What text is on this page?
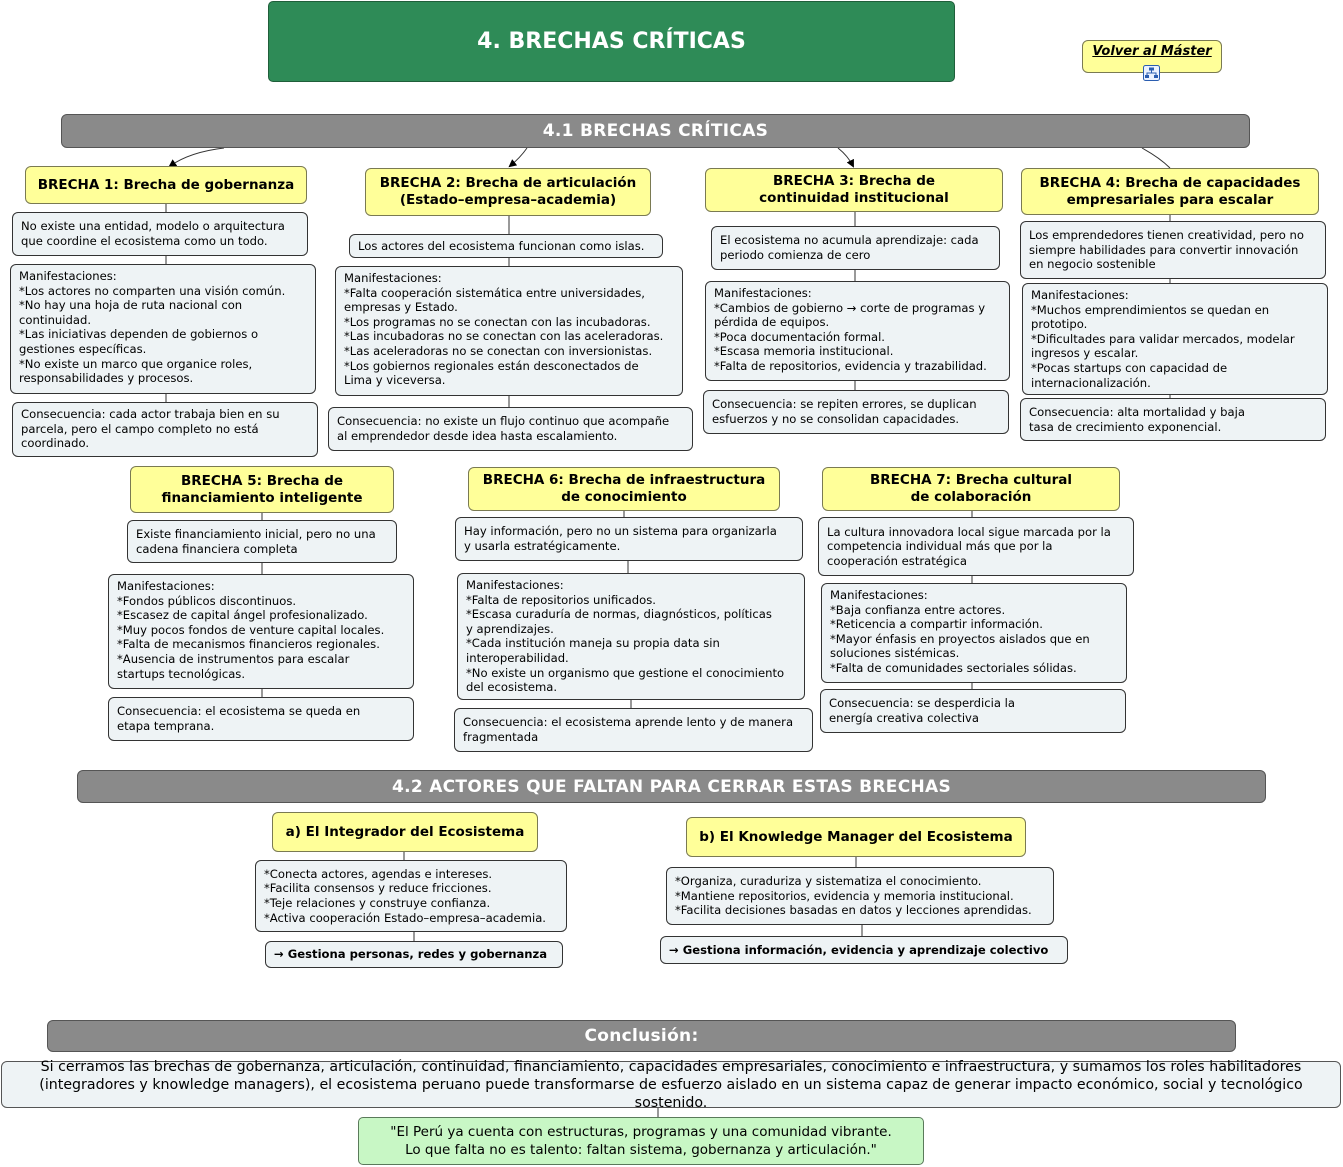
4. BRECHAS CRÍTICAS	Volver al Máster
4.1 BRECHAS CRÍTICAS
BRECHA 1: Brecha de gobernanza
No existe una entidad, modelo o arquitectura
que coordine el ecosistema como un todo.
Manifestaciones:
*Los actores no comparten una visión común.
*No hay una hoja de ruta nacional con
continuidad.
*Las iniciativas dependen de gobiernos o
gestiones específicas.
*No existe un marco que organice roles,
responsabilidades y procesos.
Consecuencia: cada actor trabaja bien en su
parcela, pero el campo completo no está
coordinado.
BRECHA 2: Brecha de articulación
(Estado–empresa–academia)
Los actores del ecosistema funcionan como islas.
Manifestaciones:
*Falta cooperación sistemática entre universidades,
empresas y Estado.
*Los programas no se conectan con las incubadoras.
*Las incubadoras no se conectan con las aceleradoras.
*Las aceleradoras no se conectan con inversionistas.
*Los gobiernos regionales están desconectados de
Lima y viceversa.
Consecuencia: no existe un flujo continuo que acompañe
al emprendedor desde idea hasta escalamiento.
BRECHA 3: Brecha de
continuidad institucional
El ecosistema no acumula aprendizaje: cada
periodo comienza de cero
Manifestaciones:
*Cambios de gobierno → corte de programas y
pérdida de equipos.
*Poca documentación formal.
*Escasa memoria institucional.
*Falta de repositorios, evidencia y trazabilidad.
Consecuencia: se repiten errores, se duplican
esfuerzos y no se consolidan capacidades.
BRECHA 4: Brecha de capacidades
empresariales para escalar
Los emprendedores tienen creatividad, pero no
siempre habilidades para convertir innovación
en negocio sostenible
Manifestaciones:
*Muchos emprendimientos se quedan en
prototipo.
*Dificultades para validar mercados, modelar
ingresos y escalar.
*Pocas startups con capacidad de
internacionalización.
Consecuencia: alta mortalidad y baja
tasa de crecimiento exponencial.
BRECHA 5: Brecha de
financiamiento inteligente
Existe financiamiento inicial, pero no una
cadena financiera completa
Manifestaciones:
*Fondos públicos discontinuos.
*Escasez de capital ángel profesionalizado.
*Muy pocos fondos de venture capital locales.
*Falta de mecanismos financieros regionales.
*Ausencia de instrumentos para escalar
startups tecnológicas.
Consecuencia: el ecosistema se queda en
etapa temprana.
BRECHA 6: Brecha de infraestructura
de conocimiento
Hay información, pero no un sistema para organizarla
y usarla estratégicamente.
Manifestaciones:
*Falta de repositorios unificados.
*Escasa curaduría de normas, diagnósticos, políticas
y aprendizajes.
*Cada institución maneja su propia data sin
interoperabilidad.
*No existe un organismo que gestione el conocimiento
del ecosistema.
Consecuencia: el ecosistema aprende lento y de manera
fragmentada
BRECHA 7: Brecha cultural
de colaboración
La cultura innovadora local sigue marcada por la
competencia individual más que por la
cooperación estratégica
Manifestaciones:
*Baja confianza entre actores.
*Reticencia a compartir información.
*Mayor énfasis en proyectos aislados que en
soluciones sistémicas.
*Falta de comunidades sectoriales sólidas.
Consecuencia: se desperdicia la
energía creativa colectiva
4.2 ACTORES QUE FALTAN PARA CERRAR ESTAS BRECHAS
a) El Integrador del Ecosistema
*Conecta actores, agendas e intereses.
*Facilita consensos y reduce fricciones.
*Teje relaciones y construye confianza.
*Activa cooperación Estado–empresa–academia.
→ Gestiona personas, redes y gobernanza
b) El Knowledge Manager del Ecosistema
*Organiza, curaduriza y sistematiza el conocimiento.
*Mantiene repositorios, evidencia y memoria institucional.
*Facilita decisiones basadas en datos y lecciones aprendidas.
→ Gestiona información, evidencia y aprendizaje colectivo
Conclusión:
Si cerramos las brechas de gobernanza, articulación, continuidad, financiamiento, capacidades empresariales, conocimiento e infraestructura, y sumamos los roles habilitadores
(integradores y knowledge managers), el ecosistema peruano puede transformarse de esfuerzo aislado en un sistema capaz de generar impacto económico, social y tecnológico sostenido.
"El Perú ya cuenta con estructuras, programas y una comunidad vibrante.
Lo que falta no es talento: faltan sistema, gobernanza y articulación."
